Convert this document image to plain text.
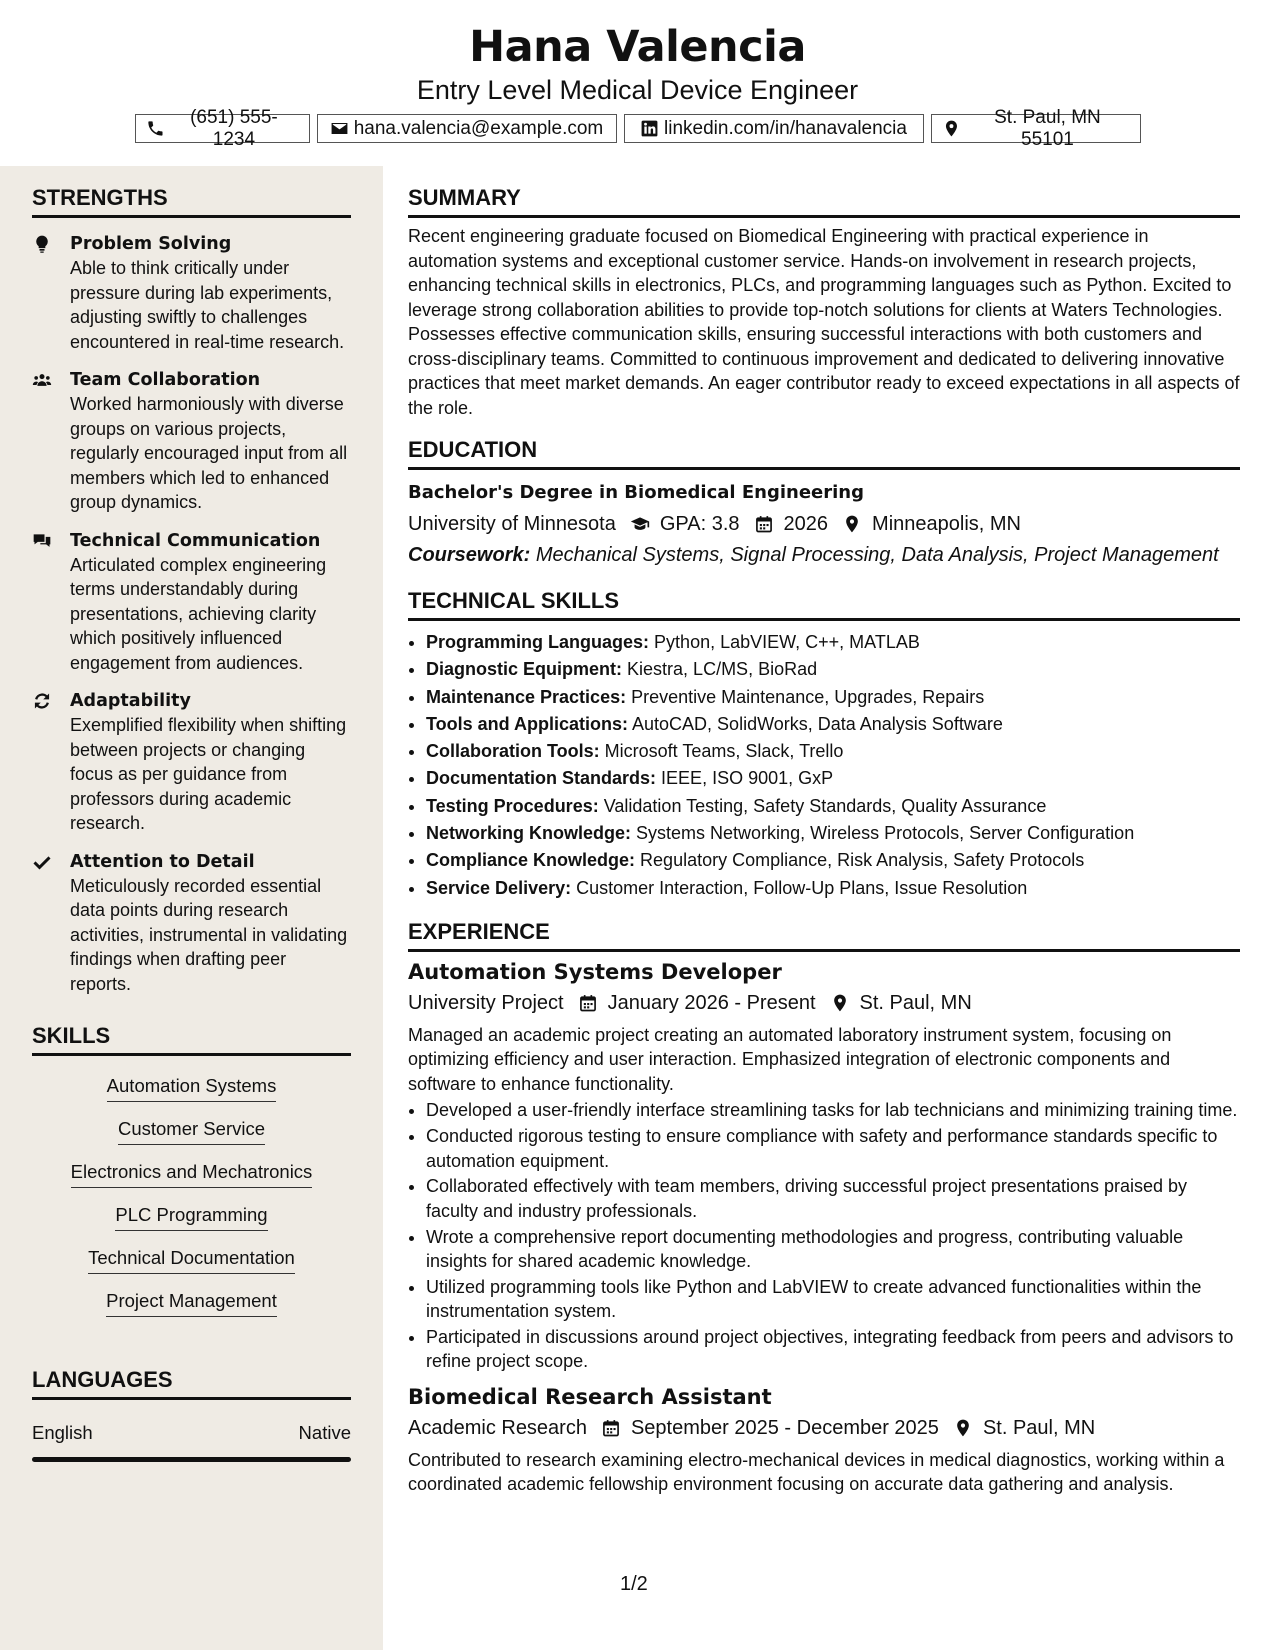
Hana Valencia
Entry Level Medical Device Engineer
(651) 555-1234
hana.valencia@example.com	linkedin.com/in/hanavalencia
St. Paul, MN 55101
STRENGTHS
Problem Solving
Able to think critically under pressure during lab experiments, adjusting swiftly to challenges encountered in real-time research.
Team Collaboration
Worked harmoniously with diverse groups on various projects, regularly encouraged input from all members which led to enhanced group dynamics.
Technical Communication
Articulated complex engineering terms understandably during presentations, achieving clarity which positively influenced engagement from audiences.
Adaptability
Exemplified flexibility when shifting between projects or changing focus as per guidance from professors during academic research.
Attention to Detail
Meticulously recorded essential data points during research activities, instrumental in validating findings when drafting peer reports.
SKILLS
Automation Systems
Customer Service
Electronics and Mechatronics
PLC Programming
Technical Documentation
Project Management
LANGUAGES
English	Native
SUMMARY
Recent engineering graduate focused on Biomedical Engineering with practical experience in automation systems and exceptional customer service. Hands-on involvement in research projects, enhancing technical skills in electronics, PLCs, and programming languages such as Python. Excited to leverage strong collaboration abilities to provide top-notch solutions for clients at Waters Technologies. Possesses effective communication skills, ensuring successful interactions with both customers and cross-disciplinary teams. Committed to continuous improvement and dedicated to delivering innovative practices that meet market demands. An eager contributor ready to exceed expectations in all aspects of the role.
EDUCATION
Bachelor's Degree in Biomedical Engineering
University of Minnesota GPA: 3.8 2026 Minneapolis, MN
Coursework: Mechanical Systems, Signal Processing, Data Analysis, Project Management
TECHNICAL SKILLS
• Programming Languages: Python, LabVIEW, C++, MATLAB
• Diagnostic Equipment: Kiestra, LC/MS, BioRad
• Maintenance Practices: Preventive Maintenance, Upgrades, Repairs
• Tools and Applications: AutoCAD, SolidWorks, Data Analysis Software
• Collaboration Tools: Microsoft Teams, Slack, Trello
• Documentation Standards: IEEE, ISO 9001, GxP
• Testing Procedures: Validation Testing, Safety Standards, Quality Assurance
• Networking Knowledge: Systems Networking, Wireless Protocols, Server Configuration
• Compliance Knowledge: Regulatory Compliance, Risk Analysis, Safety Protocols
• Service Delivery: Customer Interaction, Follow-Up Plans, Issue Resolution
EXPERIENCE
Automation Systems Developer
University Project January 2026 - Present St. Paul, MN
Managed an academic project creating an automated laboratory instrument system, focusing on optimizing efficiency and user interaction. Emphasized integration of electronic components and software to enhance functionality.
• Developed a user-friendly interface streamlining tasks for lab technicians and minimizing training time.
• Conducted rigorous testing to ensure compliance with safety and performance standards specific to automation equipment.
• Collaborated effectively with team members, driving successful project presentations praised by faculty and industry professionals.
• Wrote a comprehensive report documenting methodologies and progress, contributing valuable insights for shared academic knowledge.
• Utilized programming tools like Python and LabVIEW to create advanced functionalities within the instrumentation system.
• Participated in discussions around project objectives, integrating feedback from peers and advisors to refine project scope.
Biomedical Research Assistant
Academic Research September 2025 - December 2025 St. Paul, MN
Contributed to research examining electro-mechanical devices in medical diagnostics, working within a coordinated academic fellowship environment focusing on accurate data gathering and analysis.
1/2
